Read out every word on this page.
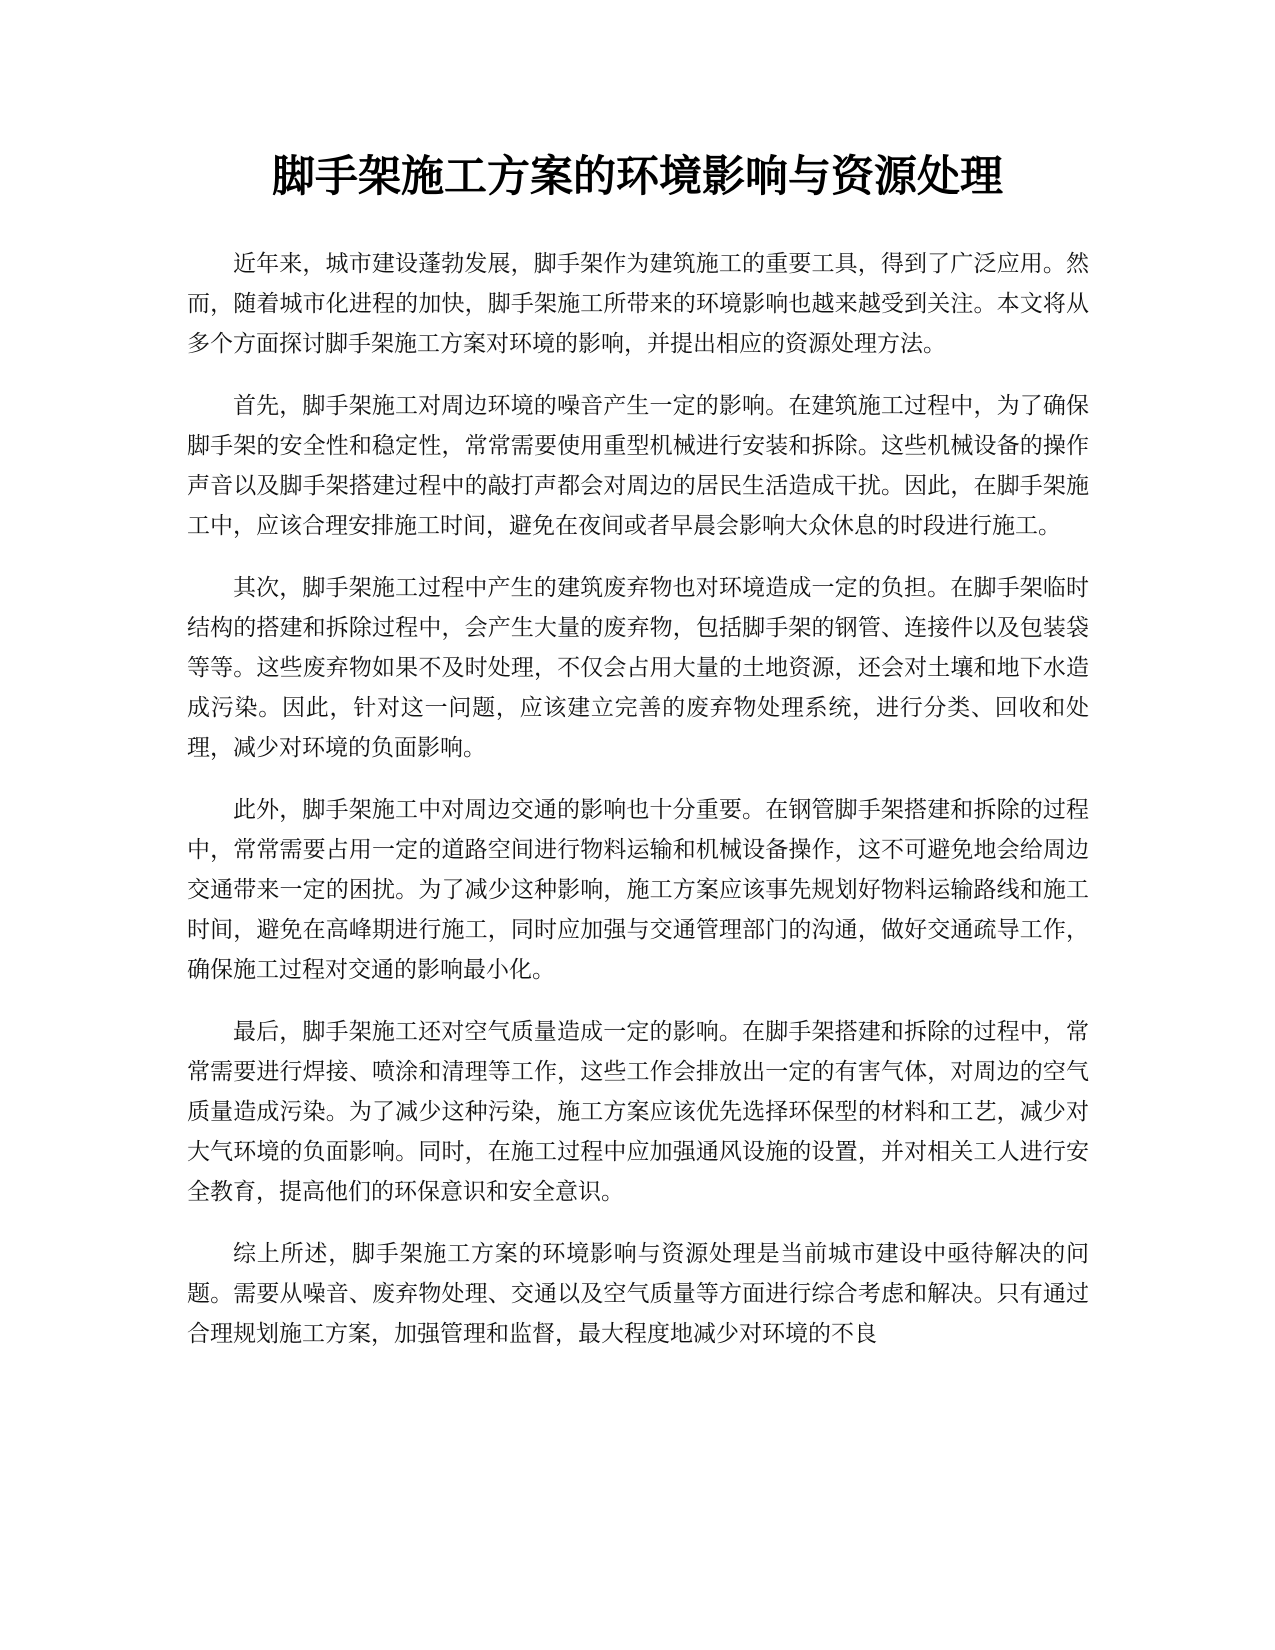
脚手架施工方案的环境影响与资源处理

近年来，城市建设蓬勃发展，脚手架作为建筑施工的重要工具，得到了广泛应用。然而，随着城市化进程的加快，脚手架施工所带来的环境影响也越来越受到关注。本文将从多个方面探讨脚手架施工方案对环境的影响，并提出相应的资源处理方法。

首先，脚手架施工对周边环境的噪音产生一定的影响。在建筑施工过程中，为了确保脚手架的安全性和稳定性，常常需要使用重型机械进行安装和拆除。这些机械设备的操作声音以及脚手架搭建过程中的敲打声都会对周边的居民生活造成干扰。因此，在脚手架施工中，应该合理安排施工时间，避免在夜间或者早晨会影响大众休息的时段进行施工。

其次，脚手架施工过程中产生的建筑废弃物也对环境造成一定的负担。在脚手架临时结构的搭建和拆除过程中，会产生大量的废弃物，包括脚手架的钢管、连接件以及包装袋等等。这些废弃物如果不及时处理，不仅会占用大量的土地资源，还会对土壤和地下水造成污染。因此，针对这一问题，应该建立完善的废弃物处理系统，进行分类、回收和处理，减少对环境的负面影响。

此外，脚手架施工中对周边交通的影响也十分重要。在钢管脚手架搭建和拆除的过程中，常常需要占用一定的道路空间进行物料运输和机械设备操作，这不可避免地会给周边交通带来一定的困扰。为了减少这种影响，施工方案应该事先规划好物料运输路线和施工时间，避免在高峰期进行施工，同时应加强与交通管理部门的沟通，做好交通疏导工作，确保施工过程对交通的影响最小化。

最后，脚手架施工还对空气质量造成一定的影响。在脚手架搭建和拆除的过程中，常常需要进行焊接、喷涂和清理等工作，这些工作会排放出一定的有害气体，对周边的空气质量造成污染。为了减少这种污染，施工方案应该优先选择环保型的材料和工艺，减少对大气环境的负面影响。同时，在施工过程中应加强通风设施的设置，并对相关工人进行安全教育，提高他们的环保意识和安全意识。

综上所述，脚手架施工方案的环境影响与资源处理是当前城市建设中亟待解决的问题。需要从噪音、废弃物处理、交通以及空气质量等方面进行综合考虑和解决。只有通过合理规划施工方案，加强管理和监督，最大程度地减少对环境的不良
